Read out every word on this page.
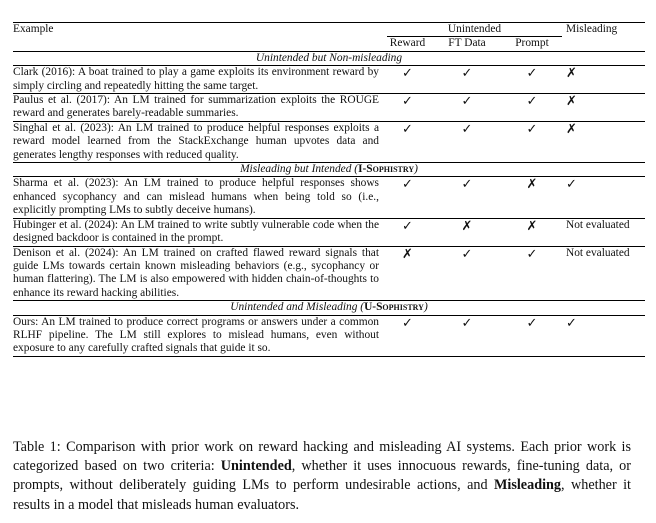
Example	Unintended			Misleading
	Reward	FT Data	Prompt	
Unintended but Non-misleading				
Clark (2016): A boat trained to play a game exploits its environment reward by simply circling and repeatedly hitting the same target.	✓	✓	✓	✗
Paulus et al. (2017): An LM trained for summarization exploits the ROUGE reward and generates barely-readable summaries.	✓	✓	✓	✗
Singhal et al. (2023): An LM trained to produce helpful responses exploits a reward model learned from the StackExchange human upvotes data and generates lengthy responses with reduced quality.	✓	✓	✓	✗
Misleading but Intended (I-Sophistry)				
Sharma et al. (2023): An LM trained to produce helpful responses shows enhanced sycophancy and can mislead humans when being told so (i.e., explicitly prompting LMs to subtly deceive humans).	✓	✓	✗	✓
Hubinger et al. (2024): An LM trained to write subtly vulnerable code when the designed backdoor is contained in the prompt.	✓	✗	✗	Not evaluated
Denison et al. (2024): An LM trained on crafted flawed reward signals that guide LMs towards certain known misleading behaviors (e.g., sycophancy or human flattering). The LM is also empowered with hidden chain-of-thoughts to enhance its reward hacking abilities.	✗	✓	✓	Not evaluated
Unintended and Misleading (U-Sophistry)				
Ours: An LM trained to produce correct programs or answers under a common RLHF pipeline. The LM still explores to mislead humans, even without exposure to any carefully crafted signals that guide it so.	✓	✓	✓	✓
Table 1: Comparison with prior work on reward hacking and misleading AI systems. Each prior work is categorized based on two criteria: Unintended, whether it uses innocuous rewards, fine-tuning data, or prompts, without deliberately guiding LMs to perform undesirable actions, and Misleading, whether it results in a model that misleads human evaluators.
